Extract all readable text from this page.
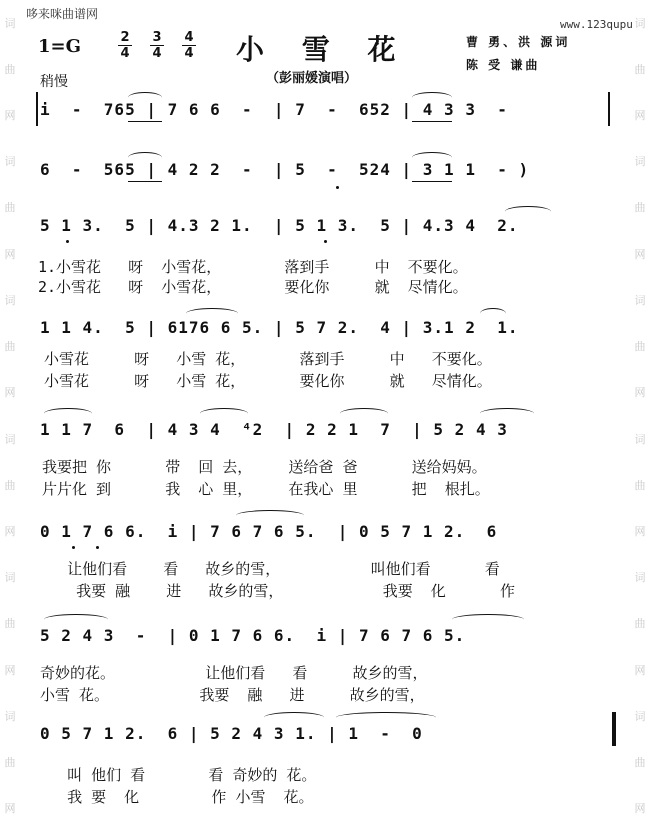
词
曲
网
词
曲
网
词
曲
网
词
曲
网
词
曲
网
词
曲
网
词
曲
网
词
曲
网
词
曲
网
词
曲
网
词
曲
网
词
曲
网
哆来咪曲谱网
www.123qupu
1=G	2
4
3
4
4
4 小 雪 花	曹 勇、洪 源词
陈 受 谦曲
（彭丽媛演唱）
稍慢
i  -  765 | 7 6 6  -  | 7  -  652 | 4 3 3  -
6  -  565 | 4 2 2  -  | 5  -  524 | 3 1 1  - )
5 1 3.  5 | 4.3 2 1.  | 5 1 3.  5 | 4.3 4  2.
1.小雪花   呀  小雪花，       落到手     中  不要化。
2.小雪花   呀  小雪花，       要化你     就  尽情化。
1 1 4.  5 | 6176 6 5. | 5 7 2.  4 | 3.1 2  1.
小雪花     呀   小雪 花，      落到手     中   不要化。
小雪花     呀   小雪 花，      要化你     就   尽情化。
1 1 7  6  | 4 3 4  ⁴2  | 2 2 1  7  | 5 2 4 3
我要把 你      带  回 去，    送给爸 爸      送给妈妈。
片片化 到      我  心 里，    在我心 里      把  根扎。
0 1 7 6 6.  i | 7 6 7 6 5.  | 0 5 7 1 2.  6
让他们看    看   故乡的雪，          叫他们看      看
我要 融    进   故乡的雪，           我要  化      作
5 2 4 3  -  | 0 1 7 6 6.  i | 7 6 7 6 5.
奇妙的花。          让他们看   看     故乡的雪，
小雪 花。          我要  融   进     故乡的雪，
0 5 7 1 2.  6 | 5 2 4 3 1. | 1  -  0
叫 他们 看       看 奇妙的 花。
我 要  化        作 小雪  花。
